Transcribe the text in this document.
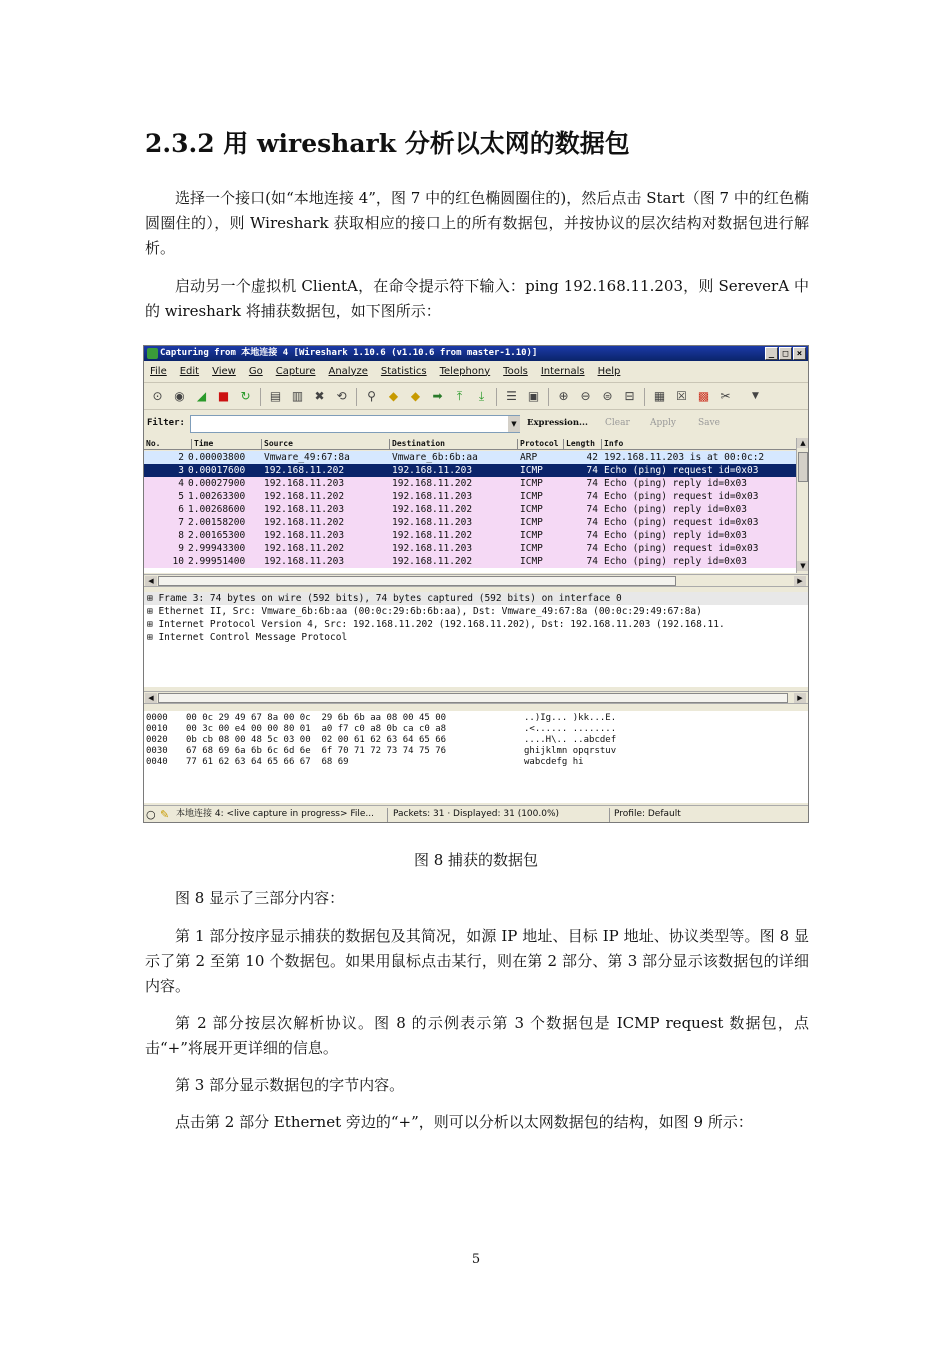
2.3.2 用 wireshark 分析以太网的数据包
选择一个接口(如“本地连接 4”，图 7 中的红色椭圆圈住的)，然后点击 Start（图 7 中的红色椭圆圈住的），则 Wireshark 获取相应的接口上的所有数据包，并按协议的层次结构对数据包进行解析。
启动另一个虚拟机 ClientA，在命令提示符下输入：ping 192.168.11.203，则 SereverA 中的 wireshark 将捕获数据包，如下图所示：
Capturing from 本地连接 4 [Wireshark 1.10.6 (v1.10.6 from master-1.10)]	_ □ ×
File Edit View Go Capture Analyze Statistics Telephony Tools Internals Help
⊙ ◉ ◢ ■ ↻ ▤ ▥ ✖ ⟲ ⚲ ◆ ◆ ➡	⤒	⤓	☰ ▣ ⊕ ⊖ ⊜ ⊟ ▦ ☒ ▩ ✂	▼
Filter:	▼	Expression... Clear Apply Save
No.	Time	Source	Destination	Protocol Length	Info
2 0.00003800 Vmware_49:67:8a	Vmware_6b:6b:aa	ARP	42 192.168.11.203 is at 00:0c:2
3 0.00017600 192.168.11.202	192.168.11.203	ICMP	74 Echo (ping) request id=0x03
4 0.00027900 192.168.11.203	192.168.11.202	ICMP	74 Echo (ping) reply id=0x03
5 1.00263300 192.168.11.202	192.168.11.203	ICMP	74 Echo (ping) request id=0x03
6 1.00268600 192.168.11.203	192.168.11.202	ICMP	74 Echo (ping) reply id=0x03
7 2.00158200 192.168.11.202	192.168.11.203	ICMP	74 Echo (ping) request id=0x03
8 2.00165300 192.168.11.203	192.168.11.202	ICMP	74 Echo (ping) reply id=0x03
9 2.99943300 192.168.11.202	192.168.11.203	ICMP	74 Echo (ping) request id=0x03
10 2.99951400 192.168.11.203	192.168.11.202	ICMP	74 Echo (ping) reply id=0x03
▲
▼
◀	▶
⊞ Frame 3: 74 bytes on wire (592 bits), 74 bytes captured (592 bits) on interface 0
⊞ Ethernet II, Src: Vmware_6b:6b:aa (00:0c:29:6b:6b:aa), Dst: Vmware_49:67:8a (00:0c:29:49:67:8a)
⊞ Internet Protocol Version 4, Src: 192.168.11.202 (192.168.11.202), Dst: 192.168.11.203 (192.168.11.
⊞ Internet Control Message Protocol
◀	▶

0000

00 0c 29 49 67 8a 00 0c  29 6b 6b aa 08 00 45 00

	..)Ig... )kk...E.

0010

00 3c 00 e4 00 00 80 01  a0 f7 c0 a8 0b ca c0 a8

	.<...... ........

0020

0b cb 08 00 48 5c 03 00  02 00 61 62 63 64 65 66

	....H\.. ..abcdef

0030

67 68 69 6a 6b 6c 6d 6e  6f 70 71 72 73 74 75 76

	ghijklmn opqrstuv

0040

77 61 62 63 64 65 66 67  68 69

	wabcdefg hi

○ ✎ 本地连接 4: <live capture in progress> File... Packets: 31 · Displayed: 31 (100.0%)	Profile: Default
图 8 捕获的数据包
图 8 显示了三部分内容：
第 1 部分按序显示捕获的数据包及其简况，如源 IP 地址、目标 IP 地址、协议类型等。图 8 显示了第 2 至第 10 个数据包。如果用鼠标点击某行，则在第 2 部分、第 3 部分显示该数据包的详细内容。
第 2 部分按层次解析协议。图 8 的示例表示第 3 个数据包是 ICMP request 数据包，点击“+”将展开更详细的信息。
第 3 部分显示数据包的字节内容。
点击第 2 部分 Ethernet 旁边的“+”，则可以分析以太网数据包的结构，如图 9 所示：
5
